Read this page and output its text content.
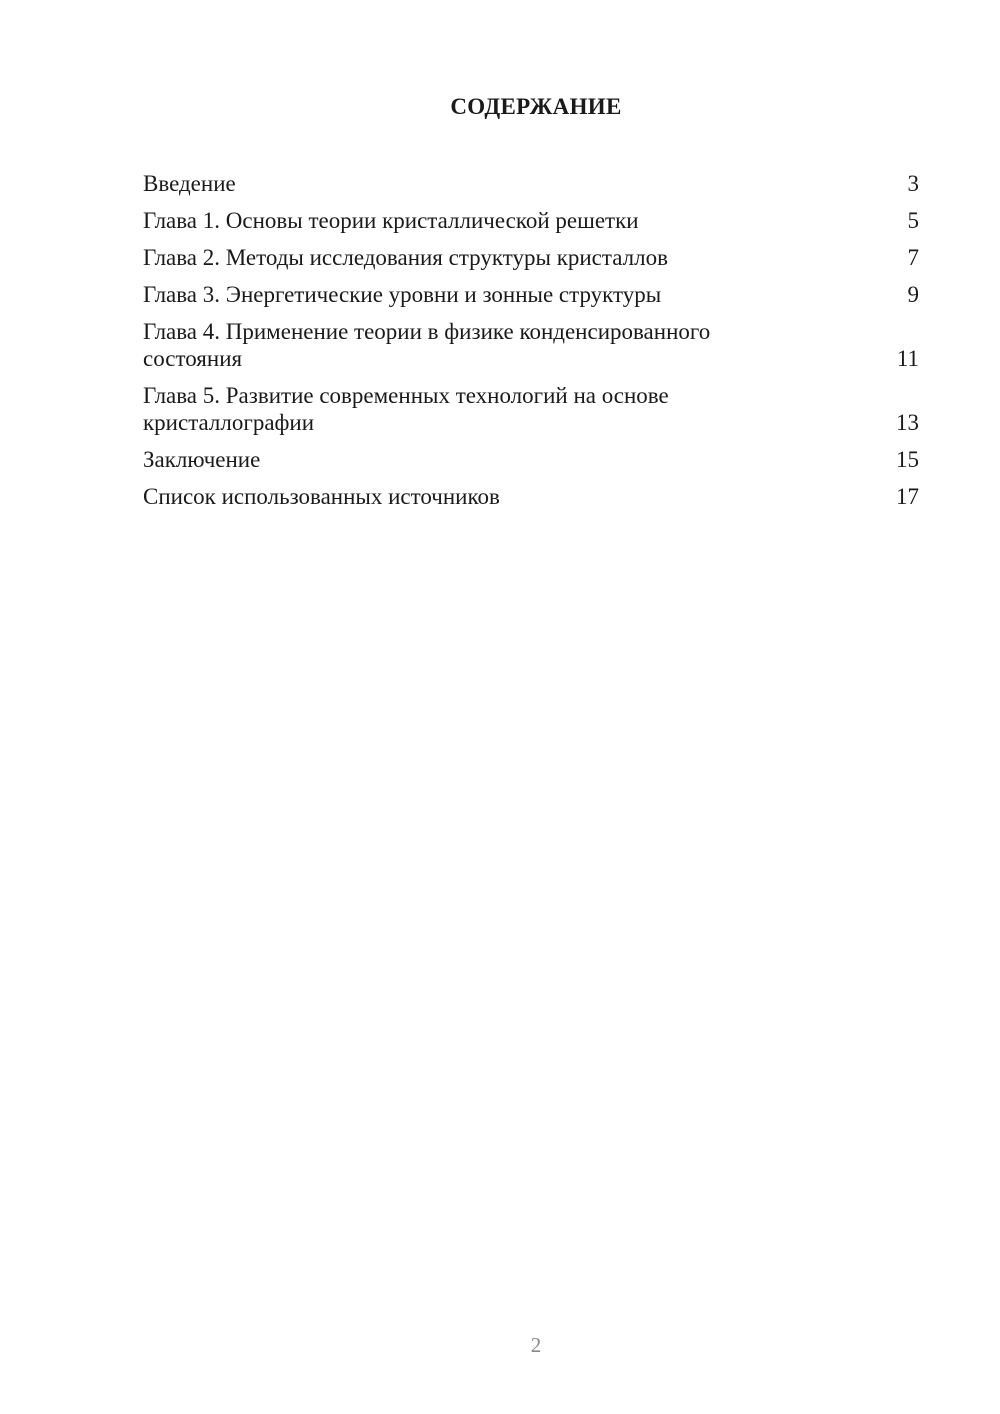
СОДЕРЖАНИЕ
Введение	3
Глава 1. Основы теории кристаллической решетки	5
Глава 2. Методы исследования структуры кристаллов	7
Глава 3. Энергетические уровни и зонные структуры	9
Глава 4. Применение теории в физике конденсированного состояния	11
Глава 5. Развитие современных технологий на основе кристаллографии	13
Заключение	15
Список использованных источников	17
2
